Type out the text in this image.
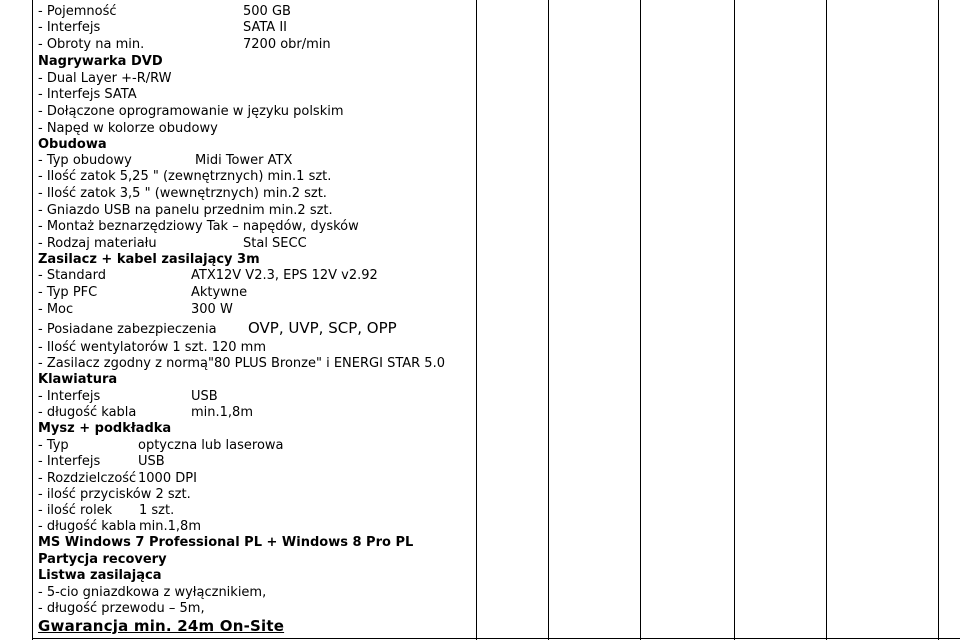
- Pojemność	500 GB
- Interfejs	SATA II
- Obroty na min.	7200 obr/min
Nagrywarka DVD
- Dual Layer +-R/RW
- Interfejs SATA
- Dołączone oprogramowanie w języku polskim
- Napęd w kolorze obudowy
Obudowa
- Typ obudowy	Midi Tower ATX
- Ilość zatok 5,25 " (zewnętrznych) min.1 szt.
- Ilość zatok 3,5 " (wewnętrznych) min.2 szt.
- Gniazdo USB na panelu przednim min.2 szt.
- Montaż beznarzędziowy Tak – napędów, dysków
- Rodzaj materiału	Stal SECC
Zasilacz + kabel zasilający 3m
- Standard	ATX12V V2.3, EPS 12V v2.92
- Typ PFC	Aktywne
- Moc	300 W
- Posiadane zabezpieczenia OVP, UVP, SCP, OPP
- Ilość wentylatorów 1 szt. 120 mm
- Zasilacz zgodny z normą"80 PLUS Bronze" i ENERGI STAR 5.0
Klawiatura
- Interfejs	USB
- długość kabla	min.1,8m
Mysz + podkładka
- Typ	optyczna lub laserowa
- Interfejs	USB
- Rozdzielczość 1000 DPI
- ilość przycisków 2 szt.
- ilość rolek 1 szt.
- długość kabla min.1,8m
MS Windows 7 Professional PL + Windows 8 Pro PL
Partycja recovery
Listwa zasilająca
- 5-cio gniazdkowa z wyłącznikiem,
- długość przewodu – 5m,
Gwarancja min. 24m On-Site
